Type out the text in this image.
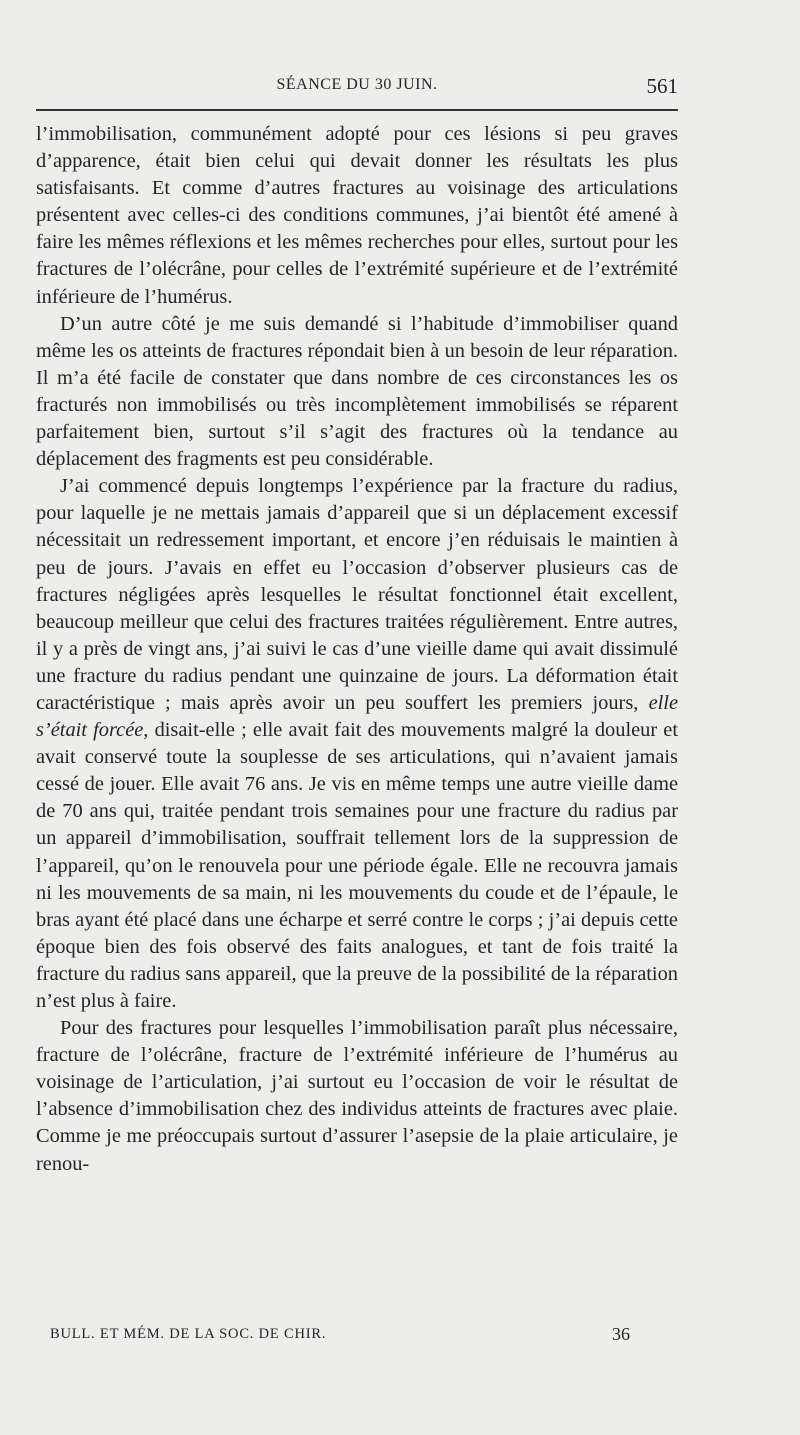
SÉANCE DU 30 JUIN.	561

l’immobilisation, communément adopté pour ces lésions si peu graves d’apparence, était bien celui qui devait donner les résultats les plus satisfaisants. Et comme d’autres fractures au voisinage des articulations présentent avec celles-ci des conditions communes, j’ai bientôt été amené à faire les mêmes réflexions et les mêmes recherches pour elles, surtout pour les fractures de l’olécrâne, pour celles de l’extrémité supérieure et de l’extrémité inférieure de l’humérus.

D’un autre côté je me suis demandé si l’habitude d’immobiliser quand même les os atteints de fractures répondait bien à un besoin de leur réparation. Il m’a été facile de constater que dans nombre de ces circonstances les os fracturés non immobilisés ou très incomplètement immobilisés se réparent parfaitement bien, surtout s’il s’agit des fractures où la tendance au déplacement des fragments est peu considérable.

J’ai commencé depuis longtemps l’expérience par la fracture du radius, pour laquelle je ne mettais jamais d’appareil que si un déplacement excessif nécessitait un redressement important, et encore j’en réduisais le maintien à peu de jours. J’avais en effet eu l’occasion d’observer plusieurs cas de fractures négligées après lesquelles le résultat fonctionnel était excellent, beaucoup meilleur que celui des fractures traitées régulièrement. Entre autres, il y a près de vingt ans, j’ai suivi le cas d’une vieille dame qui avait dissimulé une fracture du radius pendant une quinzaine de jours. La déformation était caractéristique ; mais après avoir un peu souffert les premiers jours, elle s’était forcée, disait-elle ; elle avait fait des mouvements malgré la douleur et avait conservé toute la souplesse de ses articulations, qui n’avaient jamais cessé de jouer. Elle avait 76 ans. Je vis en même temps une autre vieille dame de 70 ans qui, traitée pendant trois semaines pour une fracture du radius par un appareil d’immobilisation, souffrait tellement lors de la suppression de l’appareil, qu’on le renouvela pour une période égale. Elle ne recouvra jamais ni les mouvements de sa main, ni les mouvements du coude et de l’épaule, le bras ayant été placé dans une écharpe et serré contre le corps ; j’ai depuis cette époque bien des fois observé des faits analogues, et tant de fois traité la fracture du radius sans appareil, que la preuve de la possibilité de la réparation n’est plus à faire.

Pour des fractures pour lesquelles l’immobilisation paraît plus nécessaire, fracture de l’olécrâne, fracture de l’extrémité inférieure de l’humérus au voisinage de l’articulation, j’ai surtout eu l’occasion de voir le résultat de l’absence d’immobilisation chez des individus atteints de fractures avec plaie. Comme je me préoccupais surtout d’assurer l’asepsie de la plaie articulaire, je renou-

BULL. ET MÉM. DE LA SOC. DE CHIR.	36
